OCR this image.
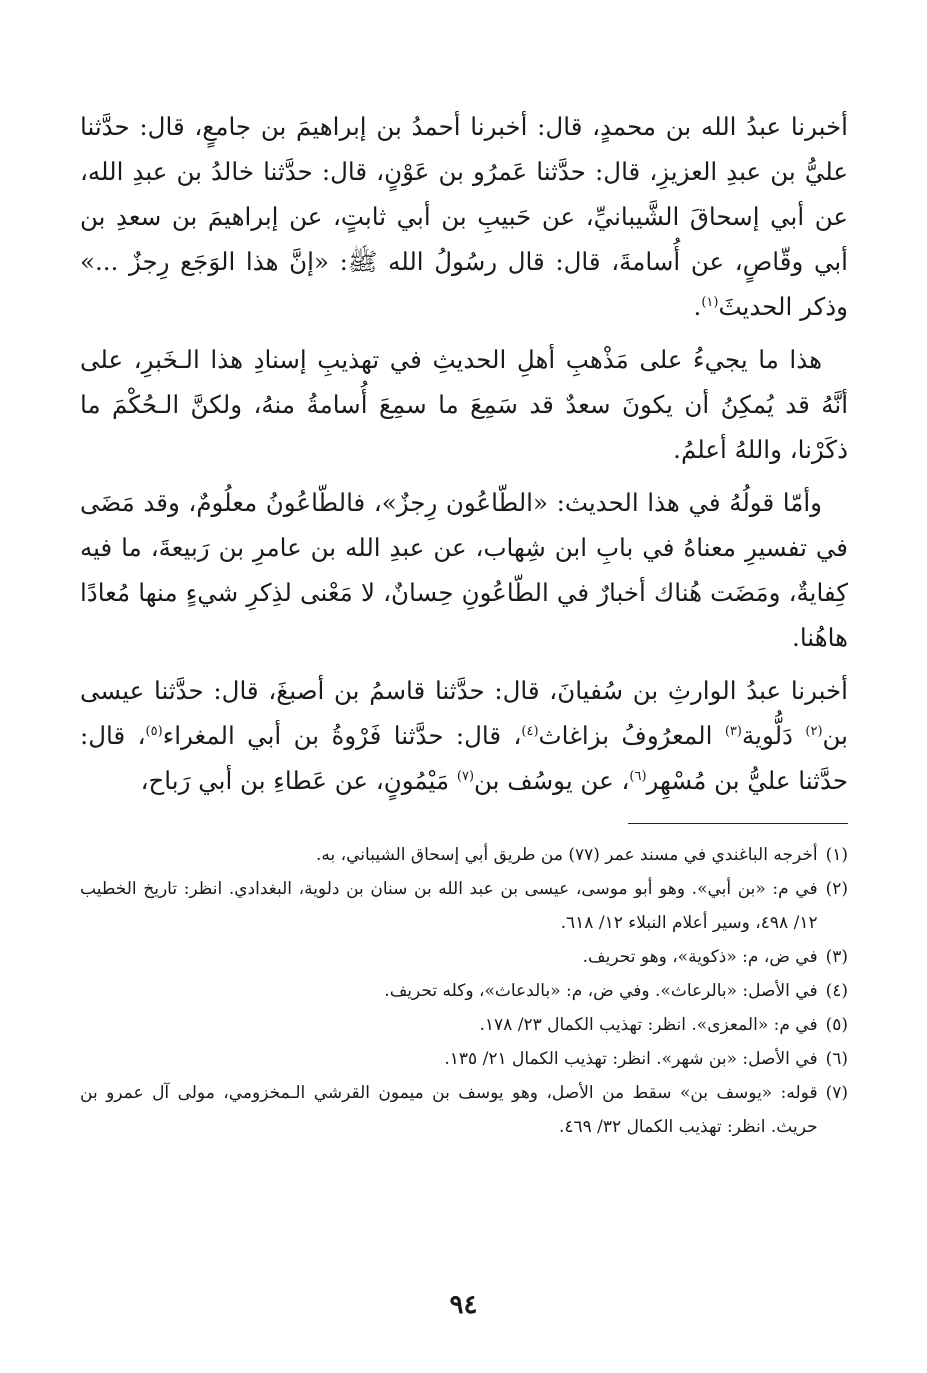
أخبرنا عبدُ الله بن محمدٍ، قال: أخبرنا أحمدُ بن إبراهيمَ بن جامعٍ، قال: حدَّثنا عليُّ بن عبدِ العزيزِ، قال: حدَّثنا عَمرُو بن عَوْنٍ، قال: حدَّثنا خالدُ بن عبدِ الله، عن أبي إسحاقَ الشَّيبانيِّ، عن حَبيبِ بن أبي ثابتٍ، عن إبراهيمَ بن سعدِ بن أبي وقّاصٍ، عن أُسامةَ، قال: قال رسُولُ الله ﷺ: «إنَّ هذا الوَجَع رِجزٌ ...» وذكر الحديثَ$^{(١)}$.

هذا ما يجيءُ على مَذْهبِ أهلِ الحديثِ في تهذيبِ إسنادِ هذا الـخَبرِ، على أنَّهُ قد يُمكِنُ أن يكونَ سعدٌ قد سَمِعَ ما سمِعَ أُسامةُ منهُ، ولكنَّ الـحُكْمَ ما ذكَرْنا، واللهُ أعلمُ.

وأمّا قولُهُ في هذا الحديث: «الطّاعُون رِجزٌ»، فالطّاعُونُ معلُومٌ، وقد مَضَى في تفسيرِ معناهُ في بابِ ابن شِهاب، عن عبدِ الله بن عامرِ بن رَبيعةَ، ما فيه كِفايةٌ، ومَضَت هُناك أخبارٌ في الطّاعُونِ حِسانٌ، لا مَعْنى لذِكرِ شيءٍ منها مُعادًا هاهُنا.

أخبرنا عبدُ الوارثِ بن سُفيانَ، قال: حدَّثنا قاسمُ بن أصبغَ، قال: حدَّثنا عيسى بن$^{(٢)}$ دَلُّوية$^{(٣)}$ المعرُوفُ بزاغاث$^{(٤)}$، قال: حدَّثنا فَرْوةُ بن أبي المغراء$^{(٥)}$، قال: حدَّثنا عليُّ بن مُسْهِر$^{(٦)}$، عن يوسُف بن$^{(٧)}$ مَيْمُونٍ، عن عَطاءِ بن أبي رَباح،

(١)
أخرجه الباغندي في مسند عمر (٧٧) من طريق أبي إسحاق الشيباني، به.
(٢)
في م: «بن أبي». وهو أبو موسى، عيسى بن عبد الله بن سنان بن دلوية، البغدادي. انظر: تاريخ الخطيب ١٢/ ٤٩٨، وسير أعلام النبلاء ١٢/ ٦١٨.
(٣)
في ض، م: «ذكوية»، وهو تحريف.
(٤)
في الأصل: «بالرعاث». وفي ض، م: «بالدعاث»، وكله تحريف.
(٥)
في م: «المعزى». انظر: تهذيب الكمال ٢٣/ ١٧٨.
(٦)
في الأصل: «بن شهر». انظر: تهذيب الكمال ٢١/ ١٣٥.
(٧)
قوله: «يوسف بن» سقط من الأصل، وهو يوسف بن ميمون القرشي الـمخزومي، مولى آل عمرو بن حريث. انظر: تهذيب الكمال ٣٢/ ٤٦٩.
٩٤
